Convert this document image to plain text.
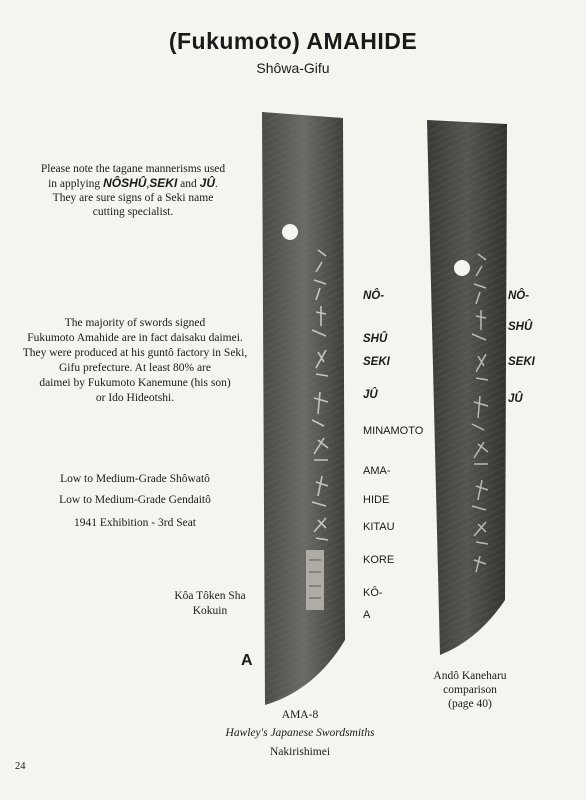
(Fukumoto) AMAHIDE
Shôwa-Gifu
Please note the tagane mannerisms used
in applying NÔSHÛ,SEKI and JÛ.
They are sure signs of a Seki name
cutting specialist.
The majority of swords signed
Fukumoto Amahide are in fact daisaku daimei.
They were produced at his guntô factory in Seki,
Gifu prefecture. At least 80% are
daimei by Fukumoto Kanemune (his son)
or Ido Hideotshi.
Low to Medium-Grade Shôwatô
Low to Medium-Grade Gendaitô
1941 Exhibition - 3rd Seat
NÔ-
SHÛ
SEKI
JÛ
MINAMOTO
AMA-
HIDE
KITAU
KORE
KÔ-
A
NÔ-
SHÛ
SEKI
JÛ
Kôa Tôken Sha
Kokuin
A
Andô Kaneharu
comparison
(page 40)
AMA-8
Hawley's Japanese Swordsmiths
Nakirishimei
24
